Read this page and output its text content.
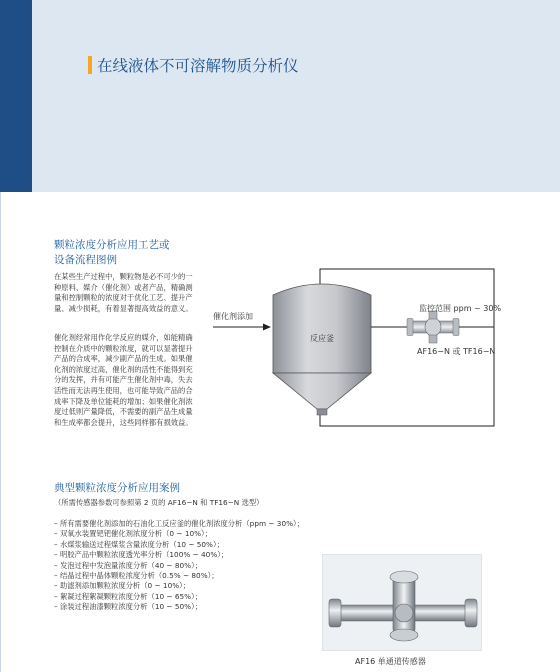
在线液体不可溶解物质分析仪
颗粒浓度分析应用工艺或
设备流程图例
在某些生产过程中，颗粒物是必不可少的一种原料、媒介（催化剂）或者产品，精确测量和控制颗粒的浓度对于优化工艺、提升产量、减少损耗，有着显著提高效益的意义。
催化剂经常用作化学反应的媒介，如能精确控制在介质中的颗粒浓度，就可以显著提升产品的合成率，减少副产品的生成。如果催化剂的浓度过高，催化剂的活性不能得到充分的发挥，并有可能产生催化剂中毒，失去活性而无法再生使用，也可能导致产品的合成率下降及单位能耗的增加；如果催化剂浓度过低则产量降低，不需要的副产品生成量和生成率都会提升，这些同样都有损效益。
催化剂添加
反应釜
监控范围 ppm ~ 30%
AF16−N 或 TF16−N
典型颗粒浓度分析应用案例
（所需传感器参数可参照第 2 页的 AF16−N 和 TF16−N 选型）
– 所有需要催化剂添加的石油化工反应釜的催化剂浓度分析（ppm ~ 30%）；
– 双氧水装置钯钯催化剂浓度分析（0 ~ 10%）；
– 水煤浆输送过程煤浆含量浓度分析（10 ~ 50%）；
– 明胶产品中颗粒浓度透光率分析（100% ~ 40%）；
– 发泡过程中发泡量浓度分析（40 ~ 80%）；
– 结晶过程中晶体颗粒浓度分析（0.5% ~ 80%）；
– 助滤剂添加颗粒浓度分析（0 ~ 10%）；
– 絮凝过程絮凝颗粒浓度分析（10 ~ 65%）；
– 涂装过程油漆颗粒浓度分析（10 ~ 50%）；
AF16 单通道传感器
